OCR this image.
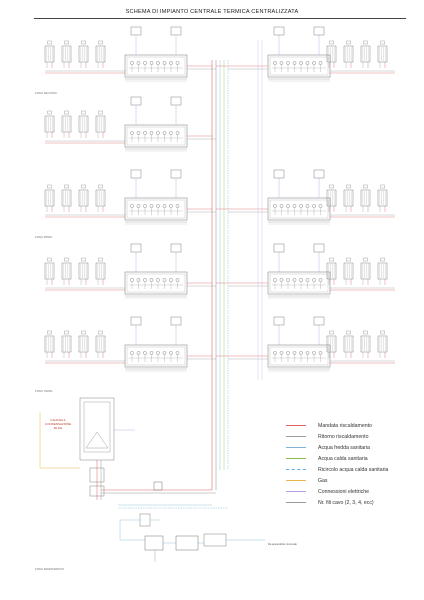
SCHEMA DI IMPIANTO CENTRALE TERMICA CENTRALIZZATA
PIANO SECONDO
PIANO PRIMO
PIANO TERRA
PIANO SEMINTERRATO
CALDAIA A
CONDENSAZIONE
60 kW
Da acquedotto comunale
Mandata riscaldamento
Ritorno riscaldamento
Acqua fredda sanitaria
Acqua calda sanitaria
Ricircolo acqua calda sanitaria
Gas
Connessioni elettriche
Nr. fili cavo (2, 3, 4, ecc)
